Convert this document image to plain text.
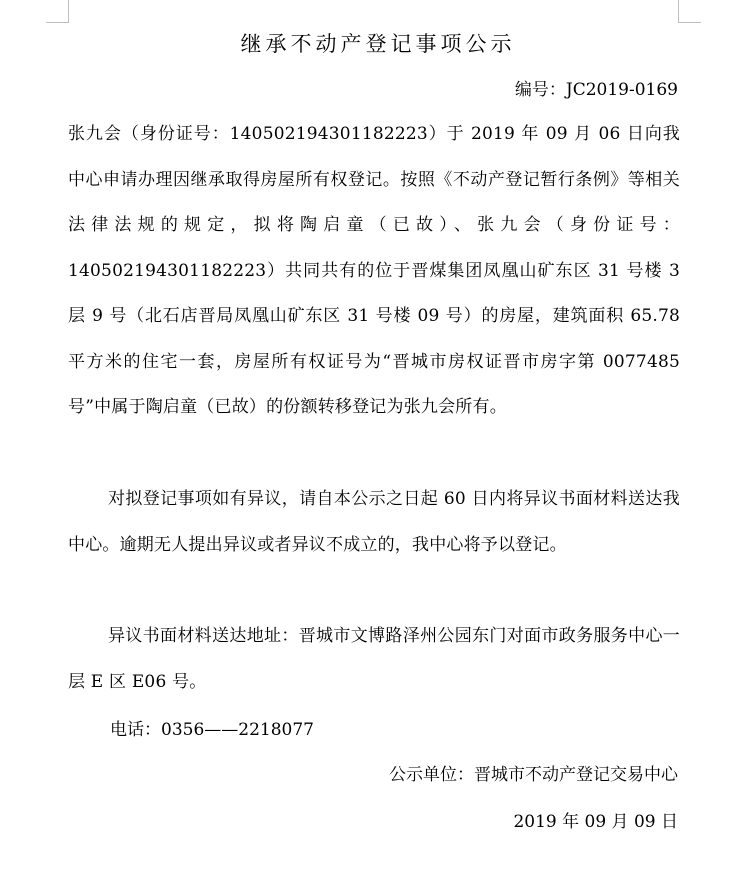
继承不动产登记事项公示
编号：JC2019-0169
张九会（身份证号：140502194301182223）于 2019 年 09 月 06 日向我中心申请办理因继承取得房屋所有权登记。按照《不动产登记暂行条例》等相关法律法规的规定，拟将陶启童（已故）、张九会（身份证号：140502194301182223）共同共有的位于晋煤集团凤凰山矿东区 31 号楼 3 层 9 号（北石店晋局凤凰山矿东区 31 号楼 09 号）的房屋，建筑面积 65.78 平方米的住宅一套，房屋所有权证号为“晋城市房权证晋市房字第 0077485 号”中属于陶启童（已故）的份额转移登记为张九会所有。
对拟登记事项如有异议，请自本公示之日起 60 日内将异议书面材料送达我中心。逾期无人提出异议或者异议不成立的，我中心将予以登记。
异议书面材料送达地址：晋城市文博路泽州公园东门对面市政务服务中心一层 E 区 E06 号。
电话：0356——2218077
公示单位：晋城市不动产登记交易中心
2019 年 09 月 09 日
